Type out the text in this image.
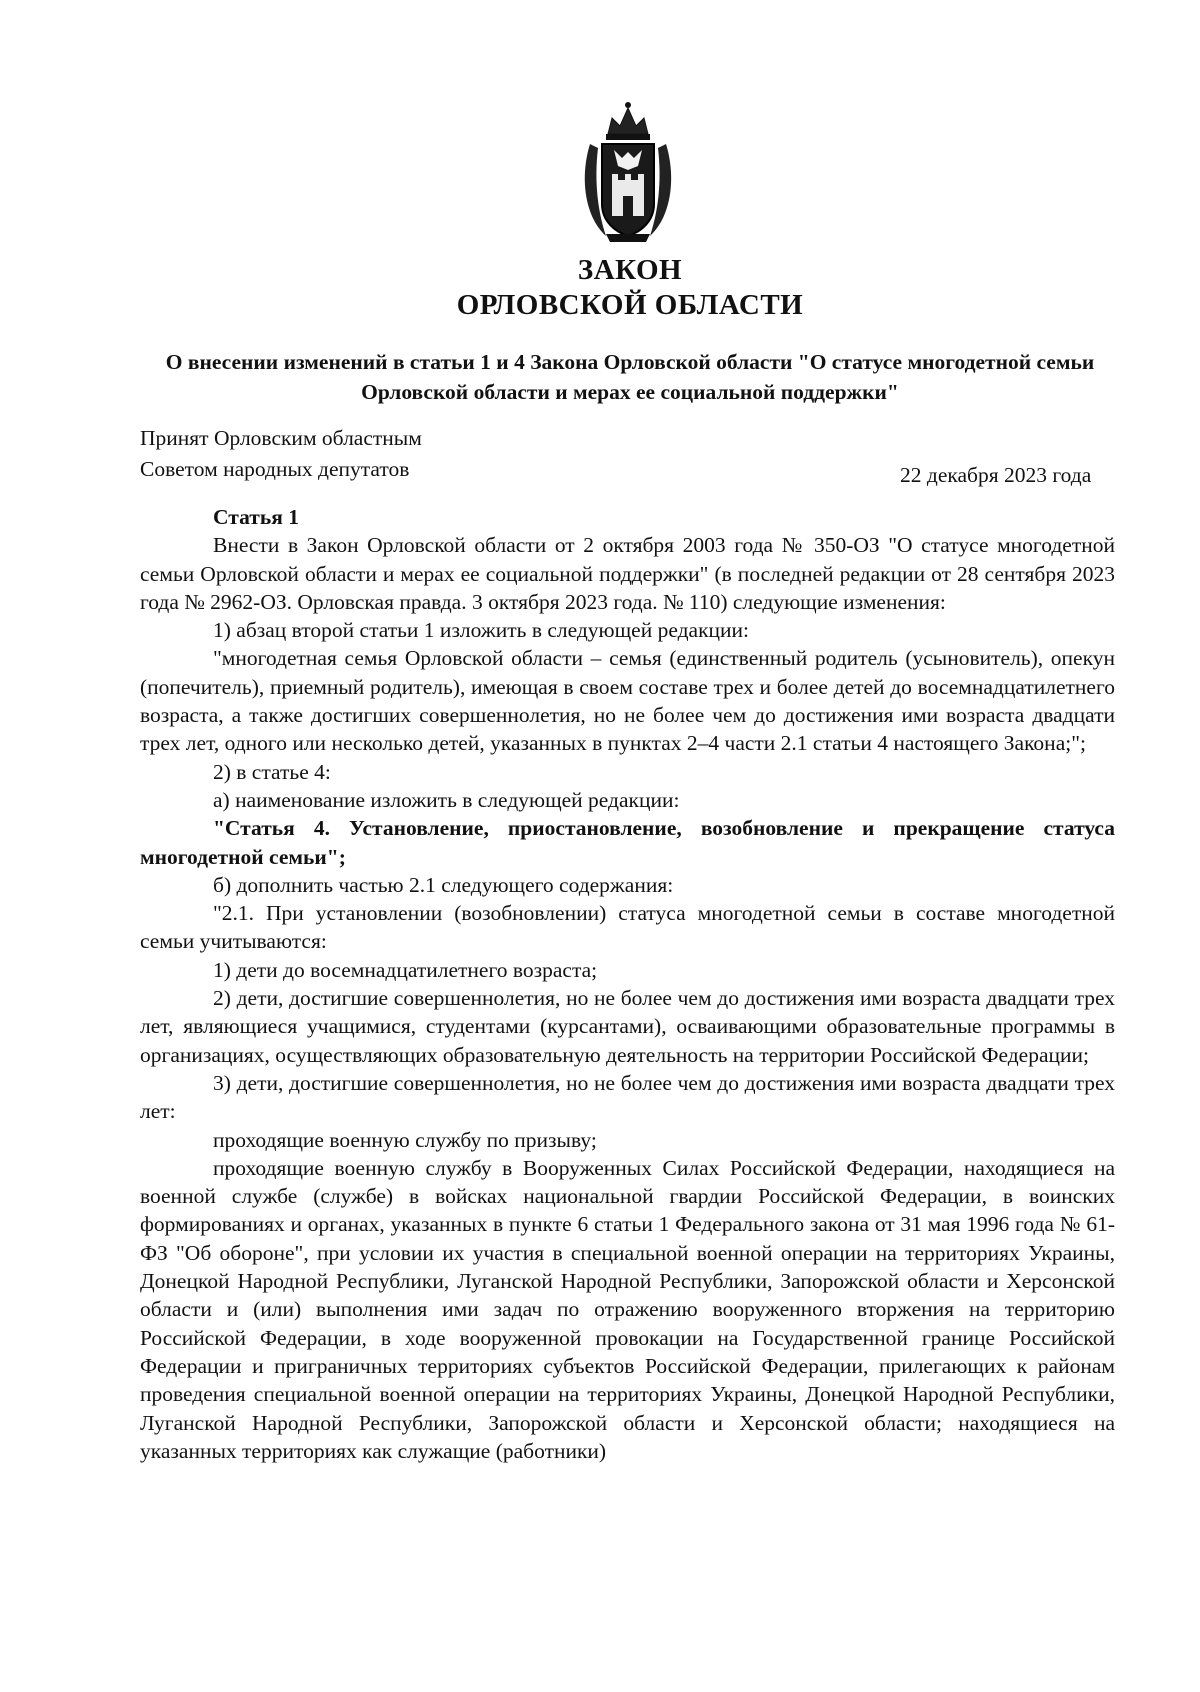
ЗАКОН
ОРЛОВСКОЙ ОБЛАСТИ
О внесении изменений в статьи 1 и 4 Закона Орловской области "О статусе многодетной семьи Орловской области и мерах ее социальной поддержки"
Принят Орловским областным
Советом народных депутатов	22 декабря 2023 года

Статья 1

Внести в Закон Орловской области от 2 октября 2003 года № 350-ОЗ "О статусе многодетной семьи Орловской области и мерах ее социальной поддержки" (в последней редакции от 28 сентября 2023 года № 2962-ОЗ. Орловская правда. 3 октября 2023 года. № 110) следующие изменения:

1) абзац второй статьи 1 изложить в следующей редакции:

"многодетная семья Орловской области – семья (единственный родитель (усыновитель), опекун (попечитель), приемный родитель), имеющая в своем составе трех и более детей до восемнадцатилетнего возраста, а также достигших совершеннолетия, но не более чем до достижения ими возраста двадцати трех лет, одного или несколько детей, указанных в пунктах 2–4 части 2.1 статьи 4 настоящего Закона;";

2) в статье 4:

а) наименование изложить в следующей редакции:

"Статья 4. Установление, приостановление, возобновление и прекращение статуса многодетной семьи";

б) дополнить частью 2.1 следующего содержания:

"2.1. При установлении (возобновлении) статуса многодетной семьи в составе многодетной семьи учитываются:

1) дети до восемнадцатилетнего возраста;

2) дети, достигшие совершеннолетия, но не более чем до достижения ими возраста двадцати трех лет, являющиеся учащимися, студентами (курсантами), осваивающими образовательные программы в организациях, осуществляющих образовательную деятельность на территории Российской Федерации;

3) дети, достигшие совершеннолетия, но не более чем до достижения ими возраста двадцати трех лет:

проходящие военную службу по призыву;

проходящие военную службу в Вооруженных Силах Российской Федерации, находящиеся на военной службе (службе) в войсках национальной гвардии Российской Федерации, в воинских формированиях и органах, указанных в пункте 6 статьи 1 Федерального закона от 31 мая 1996 года № 61-ФЗ "Об обороне", при условии их участия в специальной военной операции на территориях Украины, Донецкой Народной Республики, Луганской Народной Республики, Запорожской области и Херсонской области и (или) выполнения ими задач по отражению вооруженного вторжения на территорию Российской Федерации, в ходе вооруженной провокации на Государственной границе Российской Федерации и приграничных территориях субъектов Российской Федерации, прилегающих к районам проведения специальной военной операции на территориях Украины, Донецкой Народной Республики, Луганской Народной Республики, Запорожской области и Херсонской области; находящиеся на указанных территориях как служащие (работники)
